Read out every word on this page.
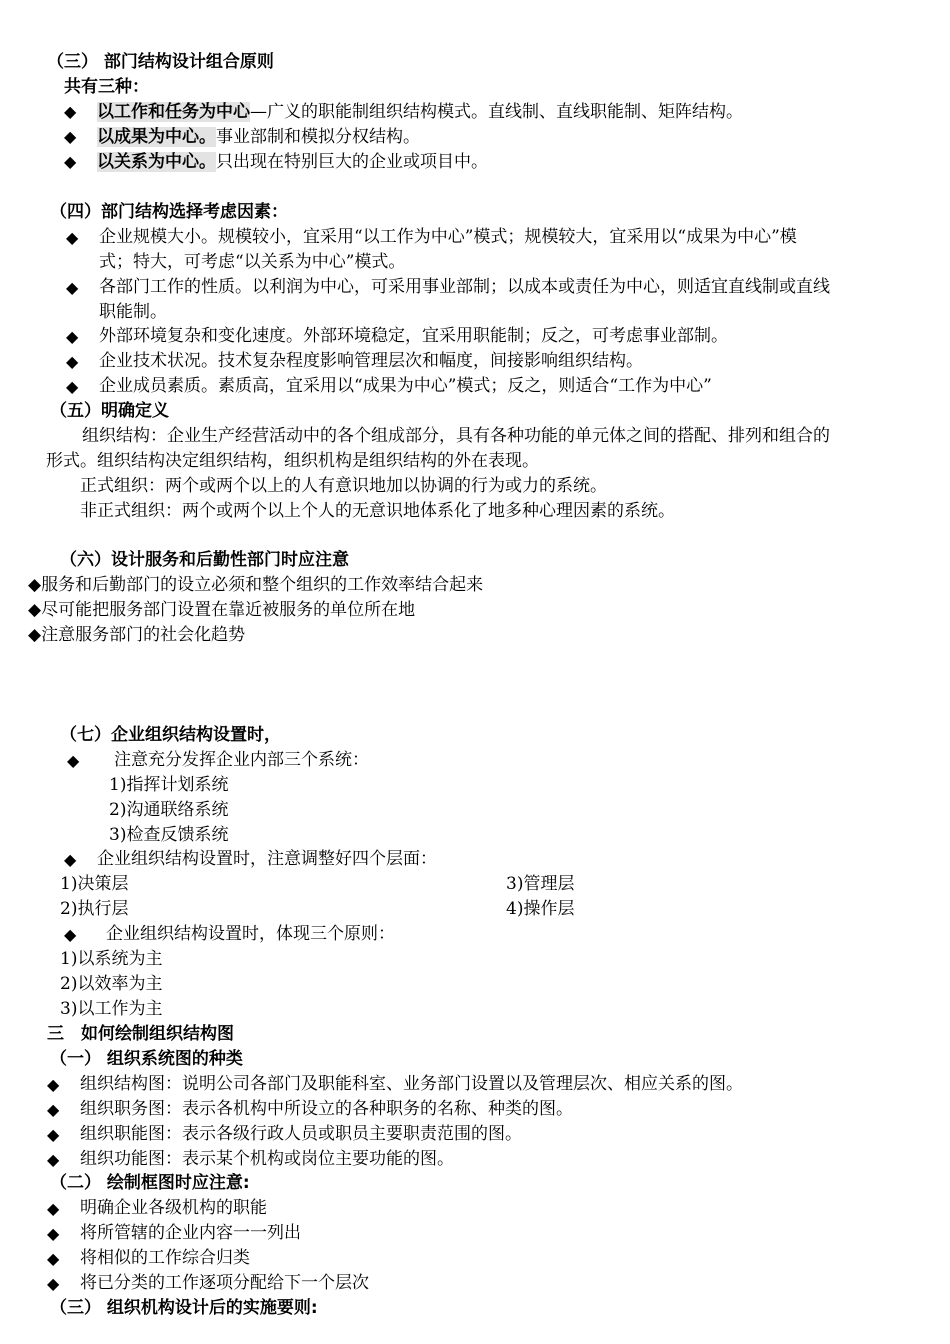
（三） 部门结构设计组合原则
共有三种：
◆ 以工作和任务为中心—广义的职能制组织结构模式。直线制、直线职能制、矩阵结构。
◆ 以成果为中心。事业部制和模拟分权结构。
◆ 以关系为中心。只出现在特别巨大的企业或项目中。
（四）部门结构选择考虑因素：
◆ 企业规模大小。规模较小，宜采用“以工作为中心”模式；规模较大，宜采用以“成果为中心”模
式；特大，可考虑“以关系为中心”模式。
◆ 各部门工作的性质。以利润为中心，可采用事业部制；以成本或责任为中心，则适宜直线制或直线
职能制。
◆ 外部环境复杂和变化速度。外部环境稳定，宜采用职能制；反之，可考虑事业部制。
◆ 企业技术状况。技术复杂程度影响管理层次和幅度，间接影响组织结构。
◆ 企业成员素质。素质高，宜采用以“成果为中心”模式；反之，则适合“工作为中心”
（五）明确定义
组织结构：企业生产经营活动中的各个组成部分，具有各种功能的单元体之间的搭配、排列和组合的
形式。组织结构决定组织结构，组织机构是组织结构的外在表现。
正式组织：两个或两个以上的人有意识地加以协调的行为或力的系统。
非正式组织：两个或两个以上个人的无意识地体系化了地多种心理因素的系统。
（六）设计服务和后勤性部门时应注意
◆服务和后勤部门的设立必须和整个组织的工作效率结合起来
◆尽可能把服务部门设置在靠近被服务的单位所在地
◆注意服务部门的社会化趋势
（七）企业组织结构设置时，
◆ 注意充分发挥企业内部三个系统：
1)指挥计划系统
2)沟通联络系统
3)检查反馈系统
◆ 企业组织结构设置时，注意调整好四个层面：
1)决策层	3)管理层
2)执行层	4)操作层
◆ 企业组织结构设置时，体现三个原则：
1)以系统为主
2)以效率为主
3)以工作为主
三　如何绘制组织结构图
（一） 组织系统图的种类
◆ 组织结构图：说明公司各部门及职能科室、业务部门设置以及管理层次、相应关系的图。
◆ 组织职务图：表示各机构中所设立的各种职务的名称、种类的图。
◆ 组织职能图：表示各级行政人员或职员主要职责范围的图。
◆ 组织功能图：表示某个机构或岗位主要功能的图。
（二） 绘制框图时应注意:
◆ 明确企业各级机构的职能
◆ 将所管辖的企业内容一一列出
◆ 将相似的工作综合归类
◆ 将已分类的工作逐项分配给下一个层次
（三） 组织机构设计后的实施要则:
